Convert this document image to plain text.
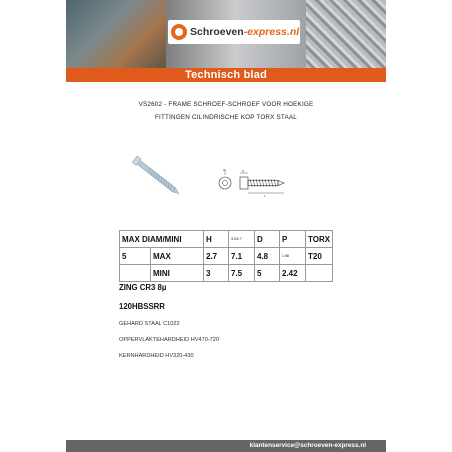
Schroeven-express.nl
Technisch blad
VS2602 - FRAME SCHROEF-SCHROEF VOOR HOEKIGE
FITTINGEN CILINDRISCHE KOP TORX STAAL
A	H
L
MAX DIAM/MINI		H	3.0/2.7	D	P	TORX
5	MAX	2.7	7.1	4.8	1.98	T20
	MINI	3	7.5	5	2.42	
ZING CR3 8µ
120HBSSRR
GEHARD STAAL C1022
OPPERVLAKTEHARDHEID HV470-720
KERNHARDHEID HV320-430
klantenservice@schroeven-express.nl
